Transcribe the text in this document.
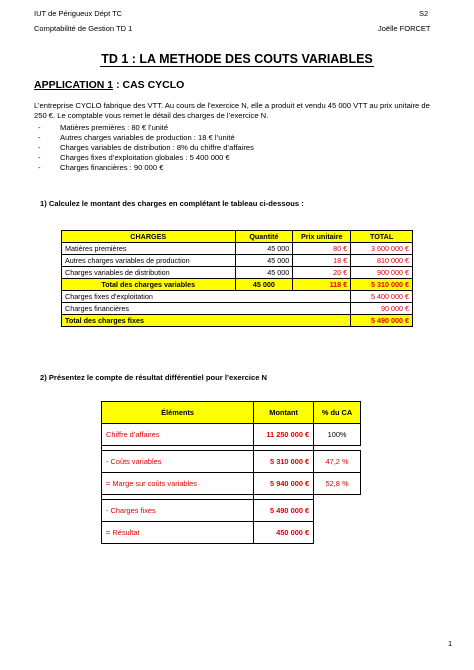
IUT de Périgueux Dépt TC	S2
Comptabilité de Gestion TD 1	Joëlle FORCET
TD 1 : LA METHODE DES COUTS VARIABLES
APPLICATION 1 : CAS CYCLO
L’entreprise CYCLO fabrique des VTT. Au cours de l’exercice N, elle a produit et vendu 45 000 VTT au prix unitaire de
250 €. Le comptable vous remet le détail des charges de l’exercice N.
- Matières premières : 80 € l’unité
- Autres charges variables de production : 18 € l’unité
- Charges variables de distribution : 8% du chiffre d’affaires
- Charges fixes d’exploitation globales : 5 400 000 €
- Charges financières : 90 000 €
1) Calculez le montant des charges en complétant le tableau ci-dessous :
CHARGES	Quantité	Prix unitaire	TOTAL
Matières premières	45 000	80 €	3 600 000 €
Autres charges variables de production	45 000	18 €	810 000 €
Charges variables de distribution	45 000	20 €	900 000 €
Total des charges variables	45 000	118 €	5 310 000 €
Charges fixes d’exploitation			5 400 000 €
Charges financières			90 000 €
Total des charges fixes			5 490 000 €
2) Présentez le compte de résultat différentiel pour l’exercice N
Éléments	Montant	% du CA
Chiffre d’affaires	11 250 000 €	100%

- Coûts variables	5 310 000 €	47,2 %
= Marge sur coûts variables	5 940 000 €	52,8 %

- Charges fixes	5 490 000 €	
= Résultat	450 000 €	
1
